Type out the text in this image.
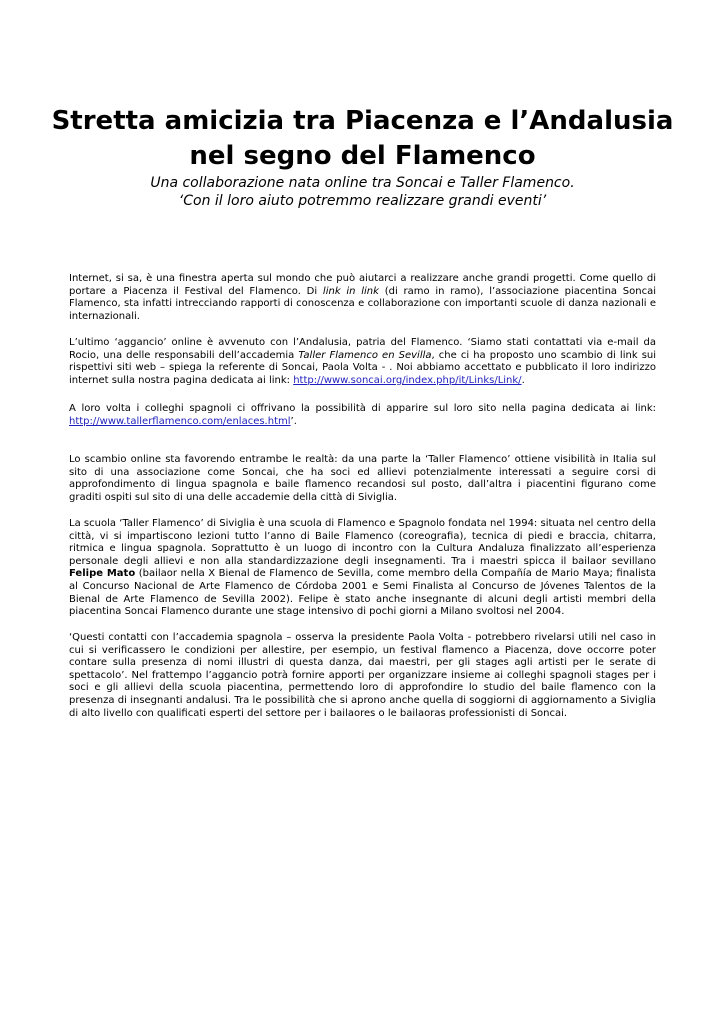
Stretta amicizia tra Piacenza e l’Andalusia nel segno del Flamenco
Una collaborazione nata online tra Soncai e Taller Flamenco.
‘Con il loro aiuto potremmo realizzare grandi eventi’

Internet, si sa, è una finestra aperta sul mondo che può aiutarci a realizzare anche grandi progetti. Come quello di portare a Piacenza il Festival del Flamenco. Di link in link (di ramo in ramo), l’associazione piacentina Soncai Flamenco, sta infatti intrecciando rapporti di conoscenza e collaborazione con importanti scuole di danza nazionali e internazionali.

L’ultimo ‘aggancio’ online è avvenuto con l’Andalusia, patria del Flamenco. ‘Siamo stati contattati via e-mail da Rocio, una delle responsabili dell’accademia Taller Flamenco en Sevilla, che ci ha proposto uno scambio di link sui rispettivi siti web – spiega la referente di Soncai, Paola Volta - . Noi abbiamo accettato e pubblicato il loro indirizzo internet sulla nostra pagina dedicata ai link: http://www.soncai.org/index.php/it/Links/Link/.

A loro volta i colleghi spagnoli ci offrivano la possibilità di apparire sul loro sito nella pagina dedicata ai link: http://www.tallerflamenco.com/enlaces.html’.

Lo scambio online sta favorendo entrambe le realtà: da una parte la ‘Taller Flamenco’ ottiene visibilità in Italia sul sito di una associazione come Soncai, che ha soci ed allievi potenzialmente interessati a seguire corsi di approfondimento di lingua spagnola e baile flamenco recandosi sul posto, dall’altra i piacentini figurano come graditi ospiti sul sito di una delle accademie della città di Siviglia.

La scuola ‘Taller Flamenco’ di Siviglia è una scuola di Flamenco e Spagnolo fondata nel 1994: situata nel centro della città, vi si impartiscono lezioni tutto l’anno di Baile Flamenco (coreografia), tecnica di piedi e braccia, chitarra, ritmica e lingua spagnola. Soprattutto è un luogo di incontro con la Cultura Andaluza finalizzato all’esperienza personale degli allievi e non alla standardizzazione degli insegnamenti. Tra i maestri spicca il bailaor sevillano Felipe Mato (bailaor nella X Bienal de Flamenco de Sevilla, come membro della Compañía de Mario Maya; finalista al Concurso Nacional de Arte Flamenco de Córdoba 2001 e Semi Finalista al Concurso de Jóvenes Talentos de la Bienal de Arte Flamenco de Sevilla 2002). Felipe è stato anche insegnante di alcuni degli artisti membri della piacentina Soncai Flamenco durante une stage intensivo di pochi giorni a Milano svoltosi nel 2004.

‘Questi contatti con l’accademia spagnola – osserva la presidente Paola Volta - potrebbero rivelarsi utili nel caso in cui si verificassero le condizioni per allestire, per esempio, un festival flamenco a Piacenza, dove occorre poter contare sulla presenza di nomi illustri di questa danza, dai maestri, per gli stages agli artisti per le serate di spettacolo’. Nel frattempo l’aggancio potrà fornire apporti per organizzare insieme ai colleghi spagnoli stages per i soci e gli allievi della scuola piacentina, permettendo loro di approfondire lo studio del baile flamenco con la presenza di insegnanti andalusi. Tra le possibilità che si aprono anche quella di soggiorni di aggiornamento a Siviglia di alto livello con qualificati esperti del settore per i bailaores o le bailaoras professionisti di Soncai.
